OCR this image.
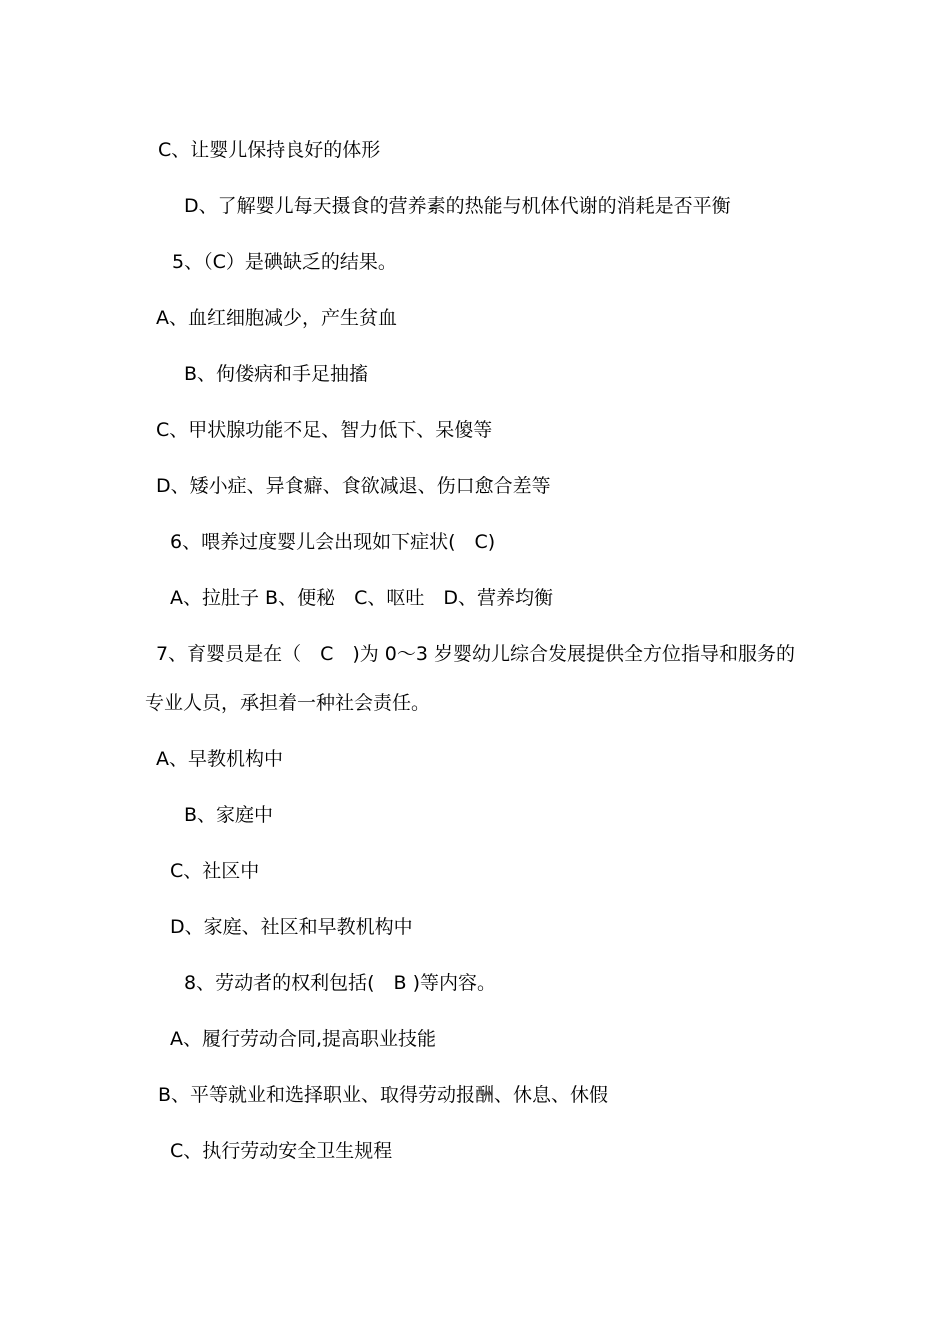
C、让婴儿保持良好的体形
D、了解婴儿每天摄食的营养素的热能与机体代谢的消耗是否平衡
5、（C）是碘缺乏的结果。
A、血红细胞减少，产生贫血
B、佝偻病和手足抽搐
C、甲状腺功能不足、智力低下、呆傻等
D、矮小症、异食癖、食欲减退、伤口愈合差等
6、喂养过度婴儿会出现如下症状(　C)
A、拉肚子 B、便秘　C、呕吐　D、营养均衡
7、育婴员是在（　C　)为 0～3 岁婴幼儿综合发展提供全方位指导和服务的
专业人员，承担着一种社会责任。
A、早教机构中
B、家庭中
C、社区中
D、家庭、社区和早教机构中
8、劳动者的权利包括(　B )等内容。
A、履行劳动合同,提高职业技能
B、平等就业和选择职业、取得劳动报酬、休息、休假
C、执行劳动安全卫生规程
